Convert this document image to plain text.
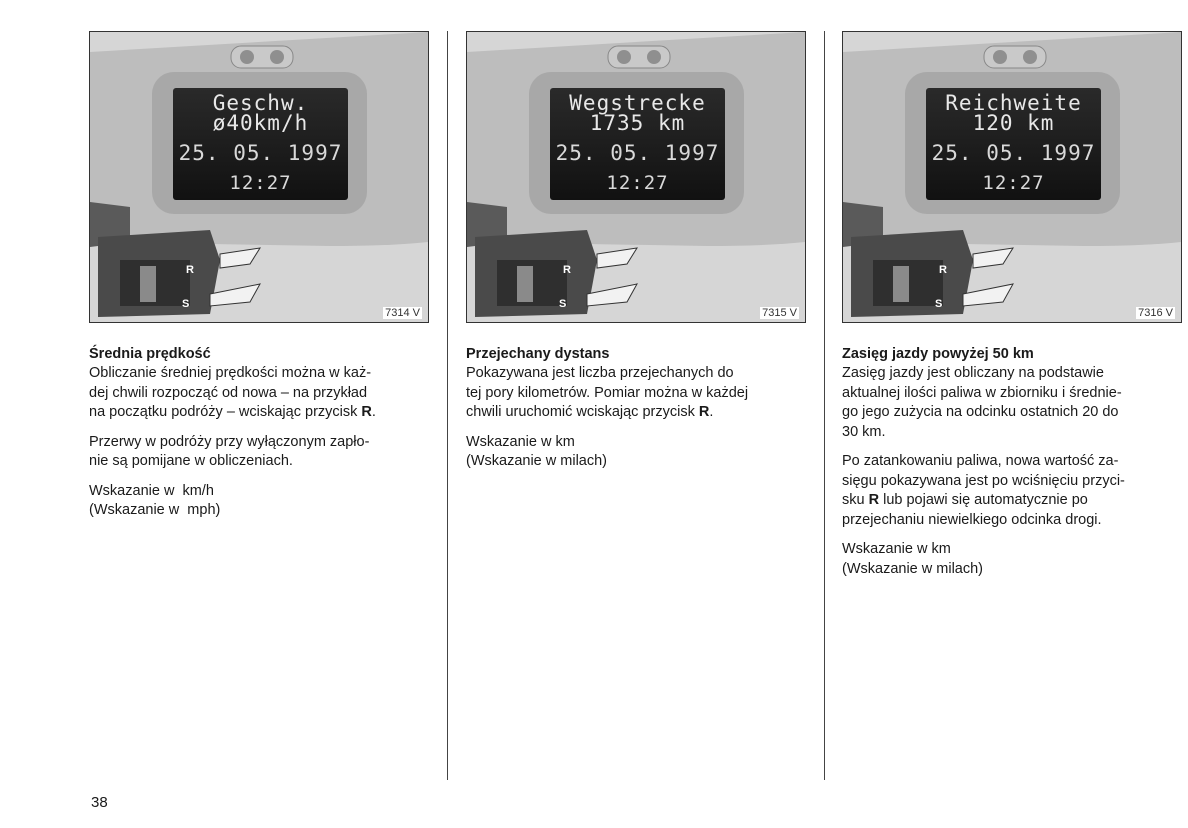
Geschw.
ø40km/h
25. 05. 1997
12:27
R
S
7314 V
Średnia prędkość
Obliczanie średniej prędkości można w każ-
dej chwili rozpocząć od nowa – na przykład
na początku podróży – wciskając przycisk R.
Przerwy w podróży przy wyłączonym zapło-
nie są pomijane w obliczeniach.
Wskazanie w  km/h
(Wskazanie w  mph)
Wegstrecke
1735 km
25. 05. 1997
12:27
R
S
7315 V
Przejechany dystans
Pokazywana jest liczba przejechanych do
tej pory kilometrów. Pomiar można w każdej
chwili uruchomić wciskając przycisk R.
Wskazanie w km
(Wskazanie w milach)
Reichweite
120 km
25. 05. 1997
12:27
R
S
7316 V
Zasięg jazdy powyżej 50 km
Zasięg jazdy jest obliczany na podstawie
aktualnej ilości paliwa w zbiorniku i średnie-
go jego zużycia na odcinku ostatnich 20 do
30 km.
Po zatankowaniu paliwa, nowa wartość za-
sięgu pokazywana jest po wciśnięciu przyci-
sku R lub pojawi się automatycznie po
przejechaniu niewielkiego odcinka drogi.
Wskazanie w km
(Wskazanie w milach)
38
